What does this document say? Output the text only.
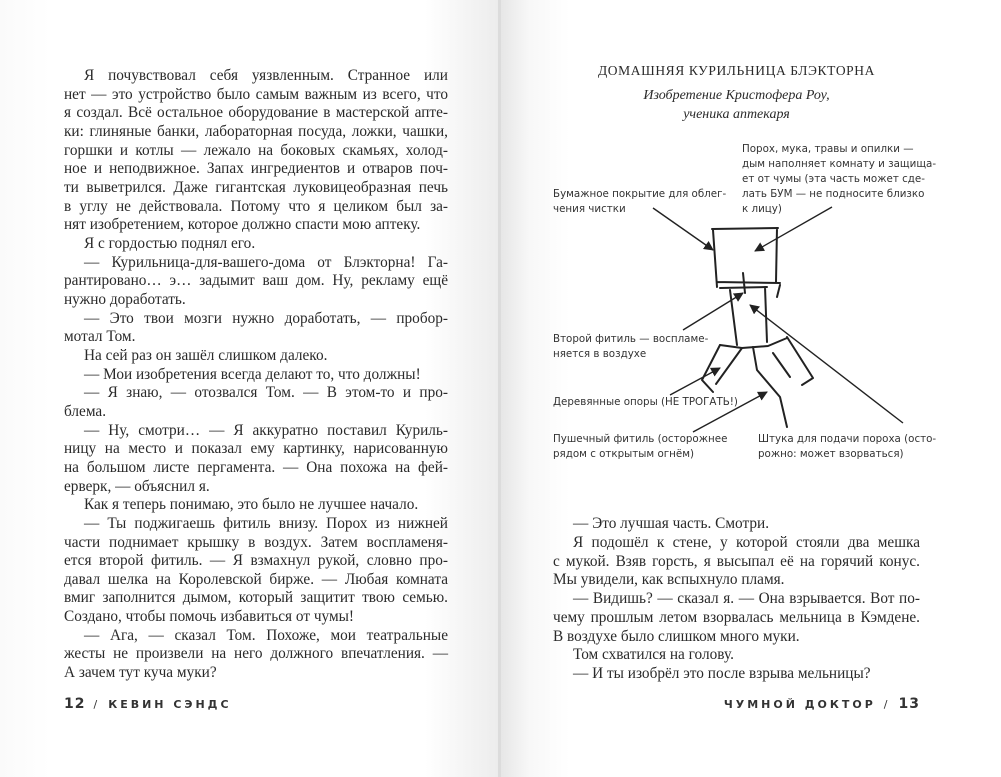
Я почувствовал себя уязвленным. Странное или
нет — это устройство было самым важным из всего, что
я создал. Всё остальное оборудование в мастерской апте-
ки: глиняные банки, лабораторная посуда, ложки, чашки,
горшки и котлы — лежало на боковых скамьях, холод-
ное и неподвижное. Запах ингредиентов и отваров поч-
ти выветрился. Даже гигантская луковицеобразная печь
в углу не действовала. Потому что я целиком был за-
нят изобретением, которое должно спасти мою аптеку.
Я с гордостью поднял его.
— Курильница-для-вашего-дома от Блэкторна! Га-
рантировано… э… задымит ваш дом. Ну, рекламу ещё
нужно доработать.
— Это твои мозги нужно доработать, — пробор-
мотал Том.
На сей раз он зашёл слишком далеко.
— Мои изобретения всегда делают то, что должны!
— Я знаю, — отозвался Том. — В этом-то и про-
блема.
— Ну, смотри… — Я аккуратно поставил Куриль-
ницу на место и показал ему картинку, нарисованную
на большом листе пергамента. — Она похожа на фей-
ерверк, — объяснил я.
Как я теперь понимаю, это было не лучшее начало.
— Ты поджигаешь фитиль внизу. Порох из нижней
части поднимает крышку в воздух. Затем воспламеня-
ется второй фитиль. — Я взмахнул рукой, словно про-
давал шелка на Королевской бирже. — Любая комната
вмиг заполнится дымом, который защитит твою семью.
Создано, чтобы помочь избавиться от чумы!
— Ага, — сказал Том. Похоже, мои театральные
жесты не произвели на него должного впечатления. —
А зачем тут куча муки?
— Это лучшая часть. Смотри.
Я подошёл к стене, у которой стояли два мешка
с мукой. Взяв горсть, я высыпал её на горячий конус.
Мы увидели, как вспыхнуло пламя.
— Видишь? — сказал я. — Она взрывается. Вот по-
чему прошлым летом взорвалась мельница в Кэмдене.
В воздухе было слишком много муки.
Том схватился на голову.
— И ты изобрёл это после взрыва мельницы?
12 / КЕВИН СЭНДС	ЧУМНОЙ ДОКТОР / 13
ДОМАШНЯЯ КУРИЛЬНИЦА БЛЭКТОРНА
Изобретение Кристофера Роу,
ученика аптекаря
Порох, мука, травы и опилки —
дым наполняет комнату и защища-
ет от чумы (эта часть может сде-
лать БУМ — не подносите близко
к лицу)
Бумажное покрытие для облег-
чения чистки
Второй фитиль — воспламе-
няется в воздухе
Деревянные опоры (НЕ ТРОГАТЬ!)
Пушечный фитиль (осторожнее
рядом с открытым огнём)
Штука для подачи пороха (осто-
рожно: может взорваться)
